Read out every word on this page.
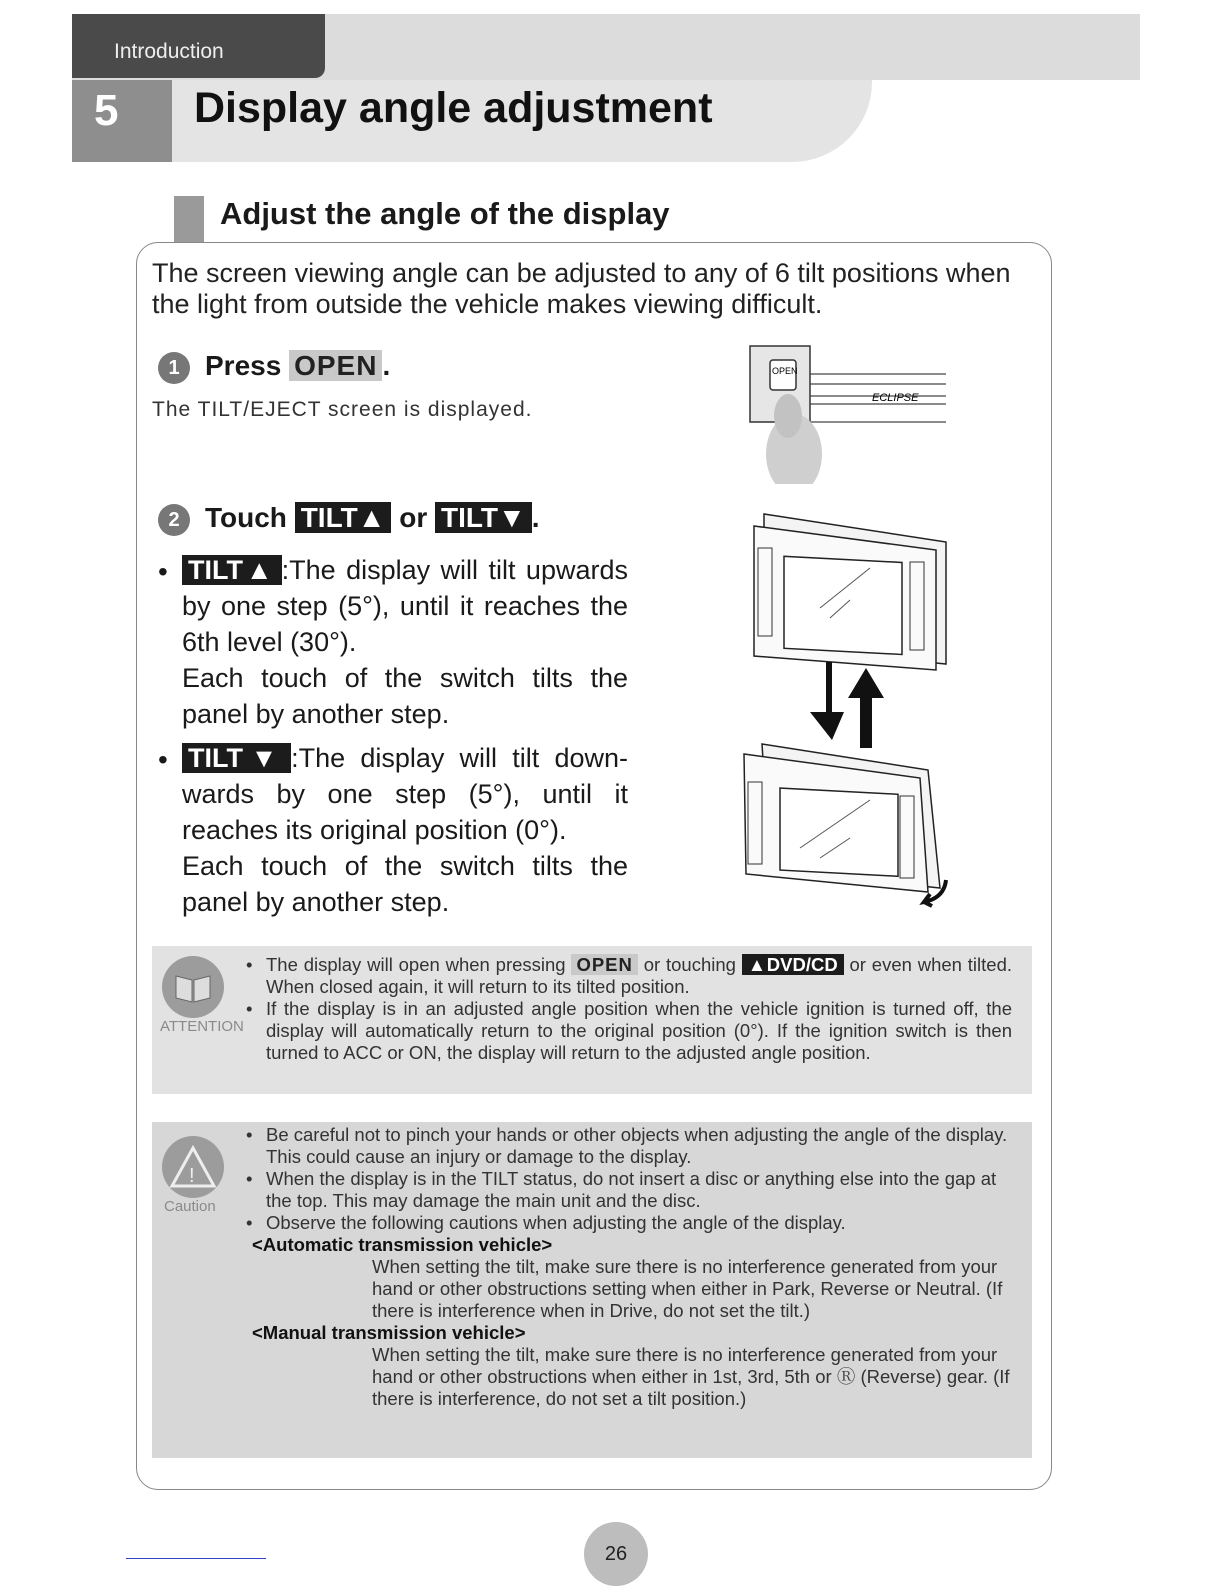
Introduction
5 Display angle adjustment
Adjust the angle of the display
The screen viewing angle can be adjusted to any of 6 tilt positions when the light from outside the vehicle makes viewing difficult.
1 Press OPEN .
The TILT/EJECT screen is displayed.
OPEN
ECLIPSE
2 Touch TILT▲ or TILT▼ .
• TILT▲ :The display will tilt upwards by one step (5°), until it reaches the 6th level (30°).
Each touch of the switch tilts the panel by another step.
• TILT▼ :The display will tilt down-wards by one step (5°), until it reaches its original position (0°).
Each touch of the switch tilts the panel by another step.
ATTENTION
• The display will open when pressing OPEN or touching ▲DVD/CD or even when tilted. When closed again, it will return to its tilted position.
• If the display is in an adjusted angle position when the vehicle ignition is turned off, the display will automatically return to the original position (0°). If the ignition switch is then turned to ACC or ON, the display will return to the adjusted angle position.
!
Caution
• Be careful not to pinch your hands or other objects when adjusting the angle of the display. This could cause an injury or damage to the display.
• When the display is in the TILT status, do not insert a disc or anything else into the gap at the top. This may damage the main unit and the disc.
• Observe the following cautions when adjusting the angle of the display.
<Automatic transmission vehicle>
When setting the tilt, make sure there is no interference generated from your hand or other obstructions setting when either in Park, Reverse or Neutral. (If there is interference when in Drive, do not set the tilt.)
<Manual transmission vehicle>
When setting the tilt, make sure there is no interference generated from your hand or other obstructions when either in 1st, 3rd, 5th or Ⓡ (Reverse) gear. (If there is interference, do not set a tilt position.)
26
